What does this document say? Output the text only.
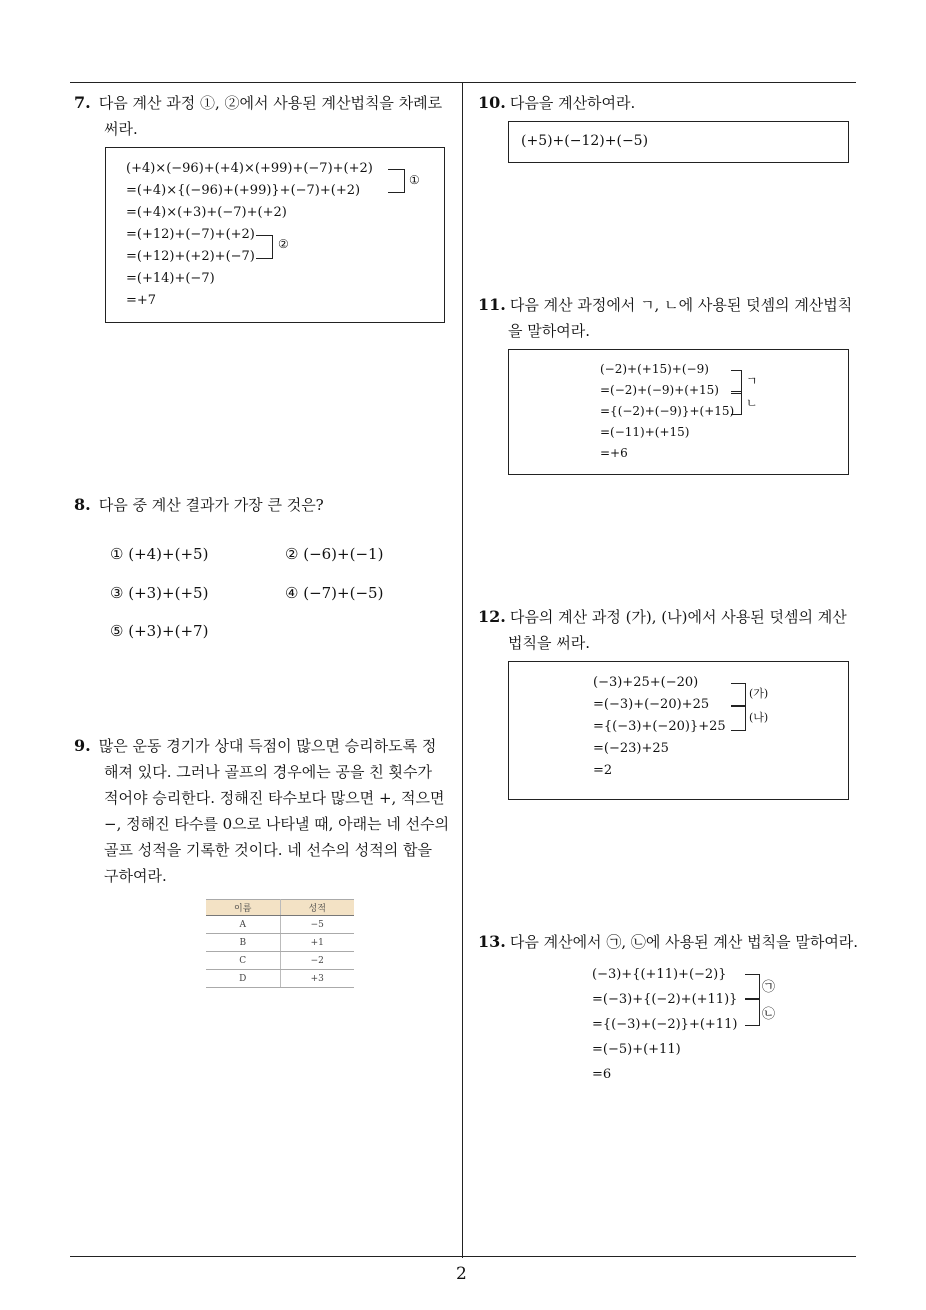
7. 다음 계산 과정 ①, ②에서 사용된 계산법칙을 차례로
써라.
(+4)×(−96)+(+4)×(+99)+(−7)+(+2)
=(+4)×{(−96)+(+99)}+(−7)+(+2)
=(+4)×(+3)+(−7)+(+2)
=(+12)+(−7)+(+2)
=(+12)+(+2)+(−7)
=(+14)+(−7)
=+7
①
②
8. 다음 중 계산 결과가 가장 큰 것은?
① (+4)+(+5)	② (−6)+(−1)
③ (+3)+(+5)	④ (−7)+(−5)
⑤ (+3)+(+7)
9. 많은 운동 경기가 상대 득점이 많으면 승리하도록 정
해져 있다. 그러나 골프의 경우에는 공을 친 횟수가
적어야 승리한다. 정해진 타수보다 많으면 +, 적으면
−, 정해진 타수를 0으로 나타낼 때, 아래는 네 선수의
골프 성적을 기록한 것이다. 네 선수의 성적의 합을
구하여라.
이름	성적
A	−5
B	+1
C	−2
D	+3
10. 다음을 계산하여라.
(+5)+(−12)+(−5)
11. 다음 계산 과정에서 ㄱ, ㄴ에 사용된 덧셈의 계산법칙
을 말하여라.
(−2)+(+15)+(−9)
=(−2)+(−9)+(+15)
={(−2)+(−9)}+(+15)
=(−11)+(+15)
=+6
ㄱ
ㄴ
12. 다음의 계산 과정 (가), (나)에서 사용된 덧셈의 계산
법칙을 써라.
(−3)+25+(−20)
=(−3)+(−20)+25
={(−3)+(−20)}+25
=(−23)+25
=2
(가)
(나)
13. 다음 계산에서 ㉠, ㉡에 사용된 계산 법칙을 말하여라.
(−3)+{(+11)+(−2)}
=(−3)+{(−2)+(+11)}
={(−3)+(−2)}+(+11)
=(−5)+(+11)
=6
㉠
㉡
2
